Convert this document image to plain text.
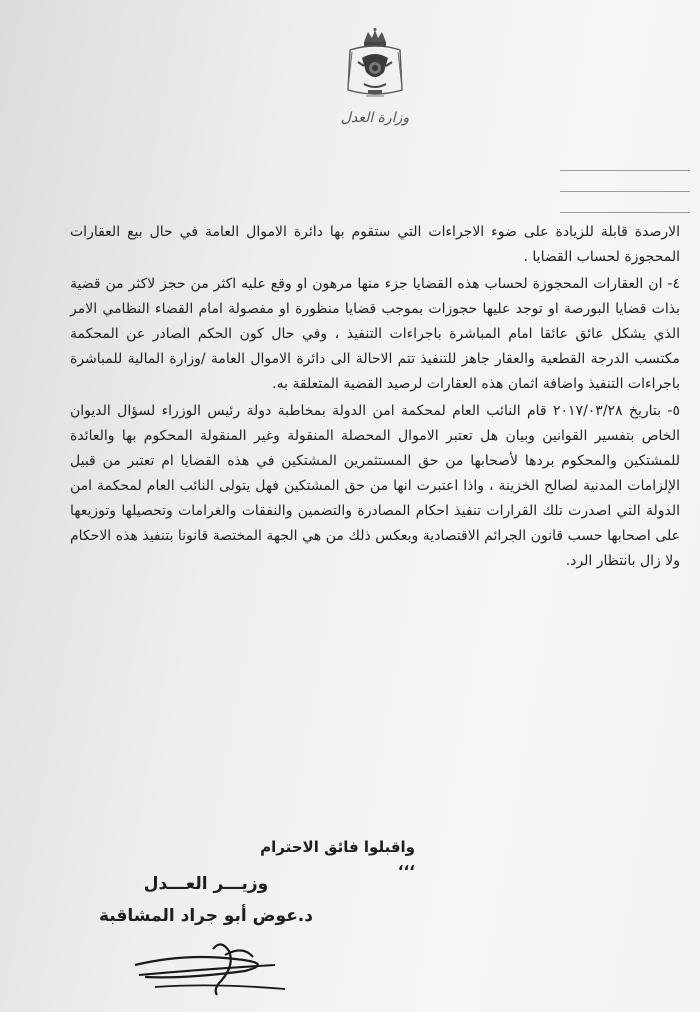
وزارة العدل

الارصدة قابلة للزيادة على ضوء الاجراءات التي ستقوم بها دائرة الاموال العامة في حال بيع العقارات المحجوزة لحساب القضايا .

٤- ان العقارات المحجوزة لحساب هذه القضايا جزء منها مرهون او وقع عليه اكثر من حجز لاكثر من قضية بذات قضايا البورصة او توجد عليها حجوزات بموجب قضايا منظورة او مفصولة امام القضاء النظامي الامر الذي يشكل عائق عائقا امام المباشرة باجراءات التنفيذ ، وفي حال كون الحكم الصادر عن المحكمة مكتسب الدرجة القطعية والعقار جاهز للتنفيذ تتم الاحالة الى دائرة الاموال العامة /وزارة المالية للمباشرة باجراءات التنفيذ واضافة اثمان هذه العقارات لرصيد القضية المتعلقة به.

٥- بتاريخ ٢٠١٧/٠٣/٢٨ قام النائب العام لمحكمة امن الدولة بمخاطبة دولة رئيس الوزراء لسؤال الديوان الخاص بتفسير القوانين وبيان هل تعتبر الاموال المحصلة المنقولة وغير المنقولة المحكوم بها والعائدة للمشتكين والمحكوم بردها لأصحابها من حق المستثمرين المشتكين في هذه القضايا ام تعتبر من قبيل الإلزامات المدنية لصالح الخزينة ، واذا اعتبرت انها من حق المشتكين فهل يتولى النائب العام لمحكمة امن الدولة التي اصدرت تلك القرارات تنفيذ احكام المصادرة والتضمين والنفقات والغرامات وتحصيلها وتوزيعها على اصحابها حسب قانون الجرائم الاقتصادية وبعكس ذلك من هي الجهة المختصة قانونا بتنفيذ هذه الاحكام ولا زال بانتظار الرد.

واقبلوا فائق الاحترام ،،،
وزيـــر العـــدل
د.عوض أبو جراد المشاقبة
